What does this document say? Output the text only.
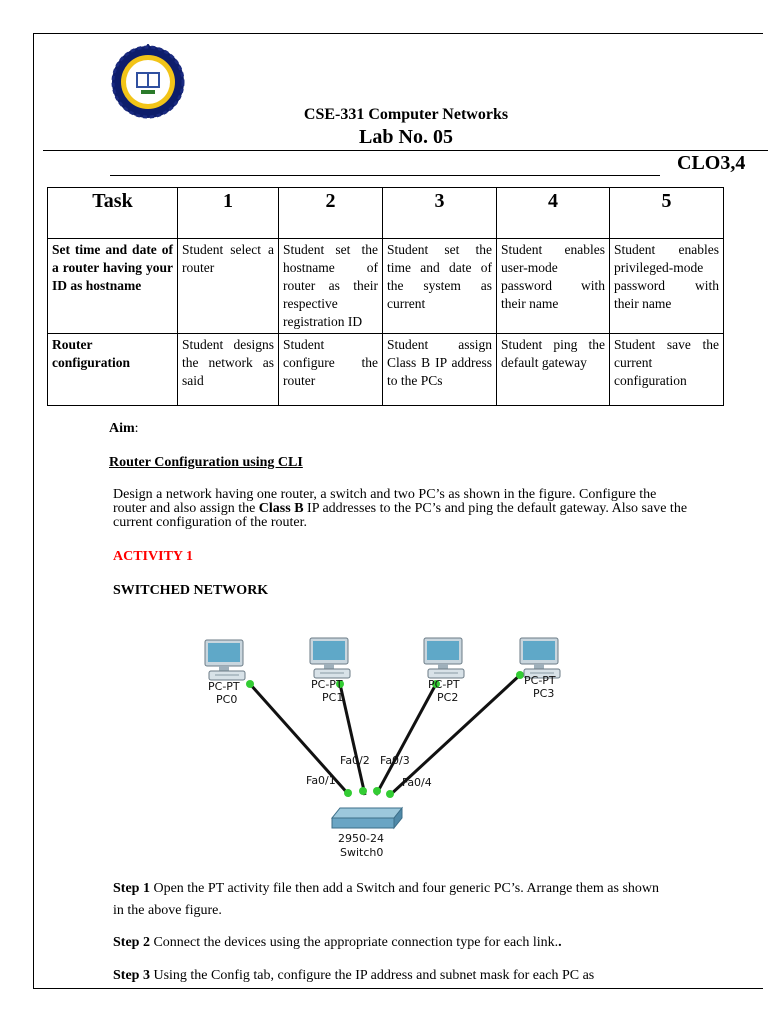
CSE-331 Computer Networks
Lab No. 05
CLO3,4
Task	1	2	3	4	5
Set time and date of a router having your ID as hostname	Student select a router	Student set the hostname of router as their respective registration ID	Student set the time and date of the system as current	Student enables user-mode password with their name	Student enables privileged-mode password with their name
Router configuration	Student designs the network as said	Student configure the router	Student assign Class B IP address to the PCs	Student ping the default gateway	Student save the current configuration
Aim:
Router Configuration using CLI
Design a network having one router, a switch and two PC’s as shown in the figure. Configure the router and also assign the Class B IP addresses to the PC’s and ping the default gateway. Also save the current configuration of the router.
ACTIVITY 1
SWITCHED NETWORK
PC-PT
PC0
PC-PT
PC1
PC-PT
PC2
PC-PT
PC3
Fa0/1
Fa0/2 Fa0/3
Fa0/4
2950-24
Switch0
Step 1 Open the PT activity file then add a Switch and four generic PC’s. Arrange them as shown in the above figure.
Step 2 Connect the devices using the appropriate connection type for each link..
Step 3 Using the Config tab, configure the IP address and subnet mask for each PC as
